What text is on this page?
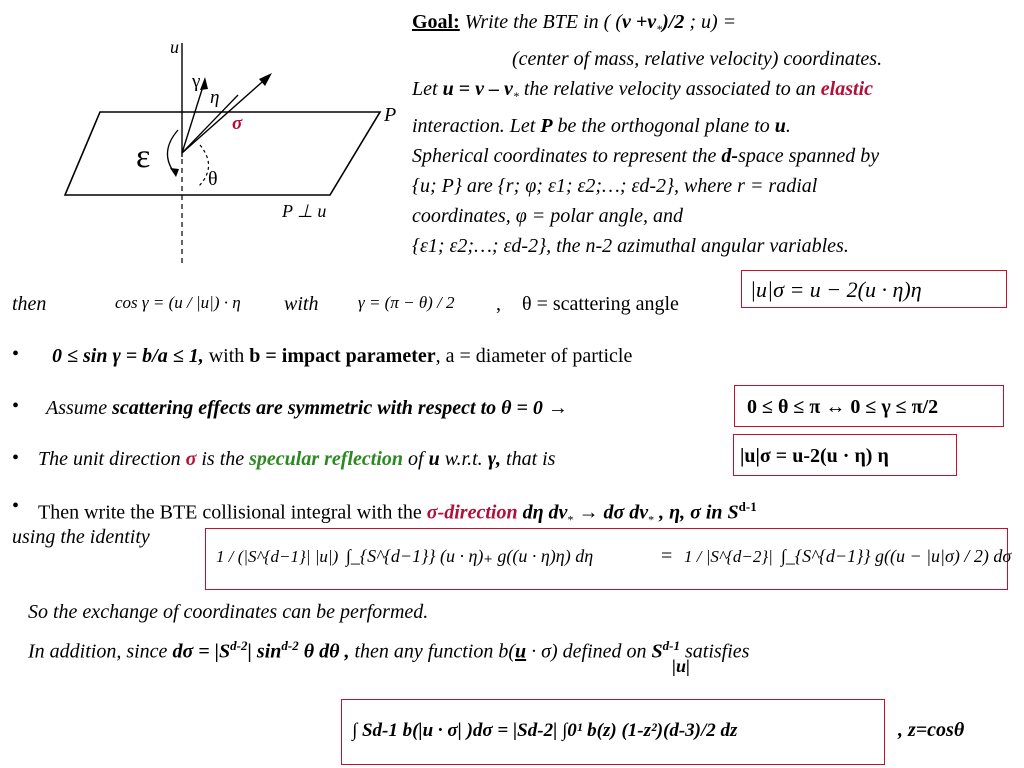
u
γ
η
σ
ε
θ
P
P ⊥ u
Goal: Write the BTE in ( $(v +v_*)/2$ ; u) =
(center of mass, relative velocity) coordinates.
Let $u = v - v_*$ the relative velocity associated to an elastic
interaction. Let P be the orthogonal plane to u.
Spherical coordinates to represent the d-space spanned by
{u; P} are {r; φ; ε1; ε2;…; εd-2}, where r = radial
coordinates, φ = polar angle, and
{ε1; ε2;…; εd-2}, the n-2 azimuthal angular variables.
then	cos γ = (u / |u|) · η with γ = (π − θ) / 2 , θ = scattering angle
|u|σ = u − 2(u · η)η
• 0 ≤ sin γ = b/a ≤ 1, with b = impact parameter, a = diameter of particle
• Assume scattering effects are symmetric with respect to θ = 0 →	0 ≤ θ ≤ π ↔ 0 ≤ γ ≤ π/2
• The unit direction σ is the specular reflection of u w.r.t. γ, that is	|u|σ = u-2(u · η) η
• Then write the BTE collisional integral with the σ-direction dη $dv_* \to d\sigma$ $dv_*$ , η, σ in $S^{d-1}$
using the identity
1 / (|S^{d−1}| |u|) ∫_{S^{d−1}} (u · η)₊ g((u · η)η) dη	= 1 / |S^{d−2}| ∫_{S^{d−1}} g((u − |u|σ) / 2) dσ
So the exchange of coordinates can be performed.
In addition, since $d\sigma = |S^{d-2}|$ $\sin^{d-2} \theta$ dθ , then any function b(u · σ) defined on $S^{d-1}$ satisfies
|u|
∫ Sd-1 b(|u · σ| )dσ = |Sd-2| ∫0¹ b(z) (1-z²)(d-3)/2 dz	, z=cosθ
